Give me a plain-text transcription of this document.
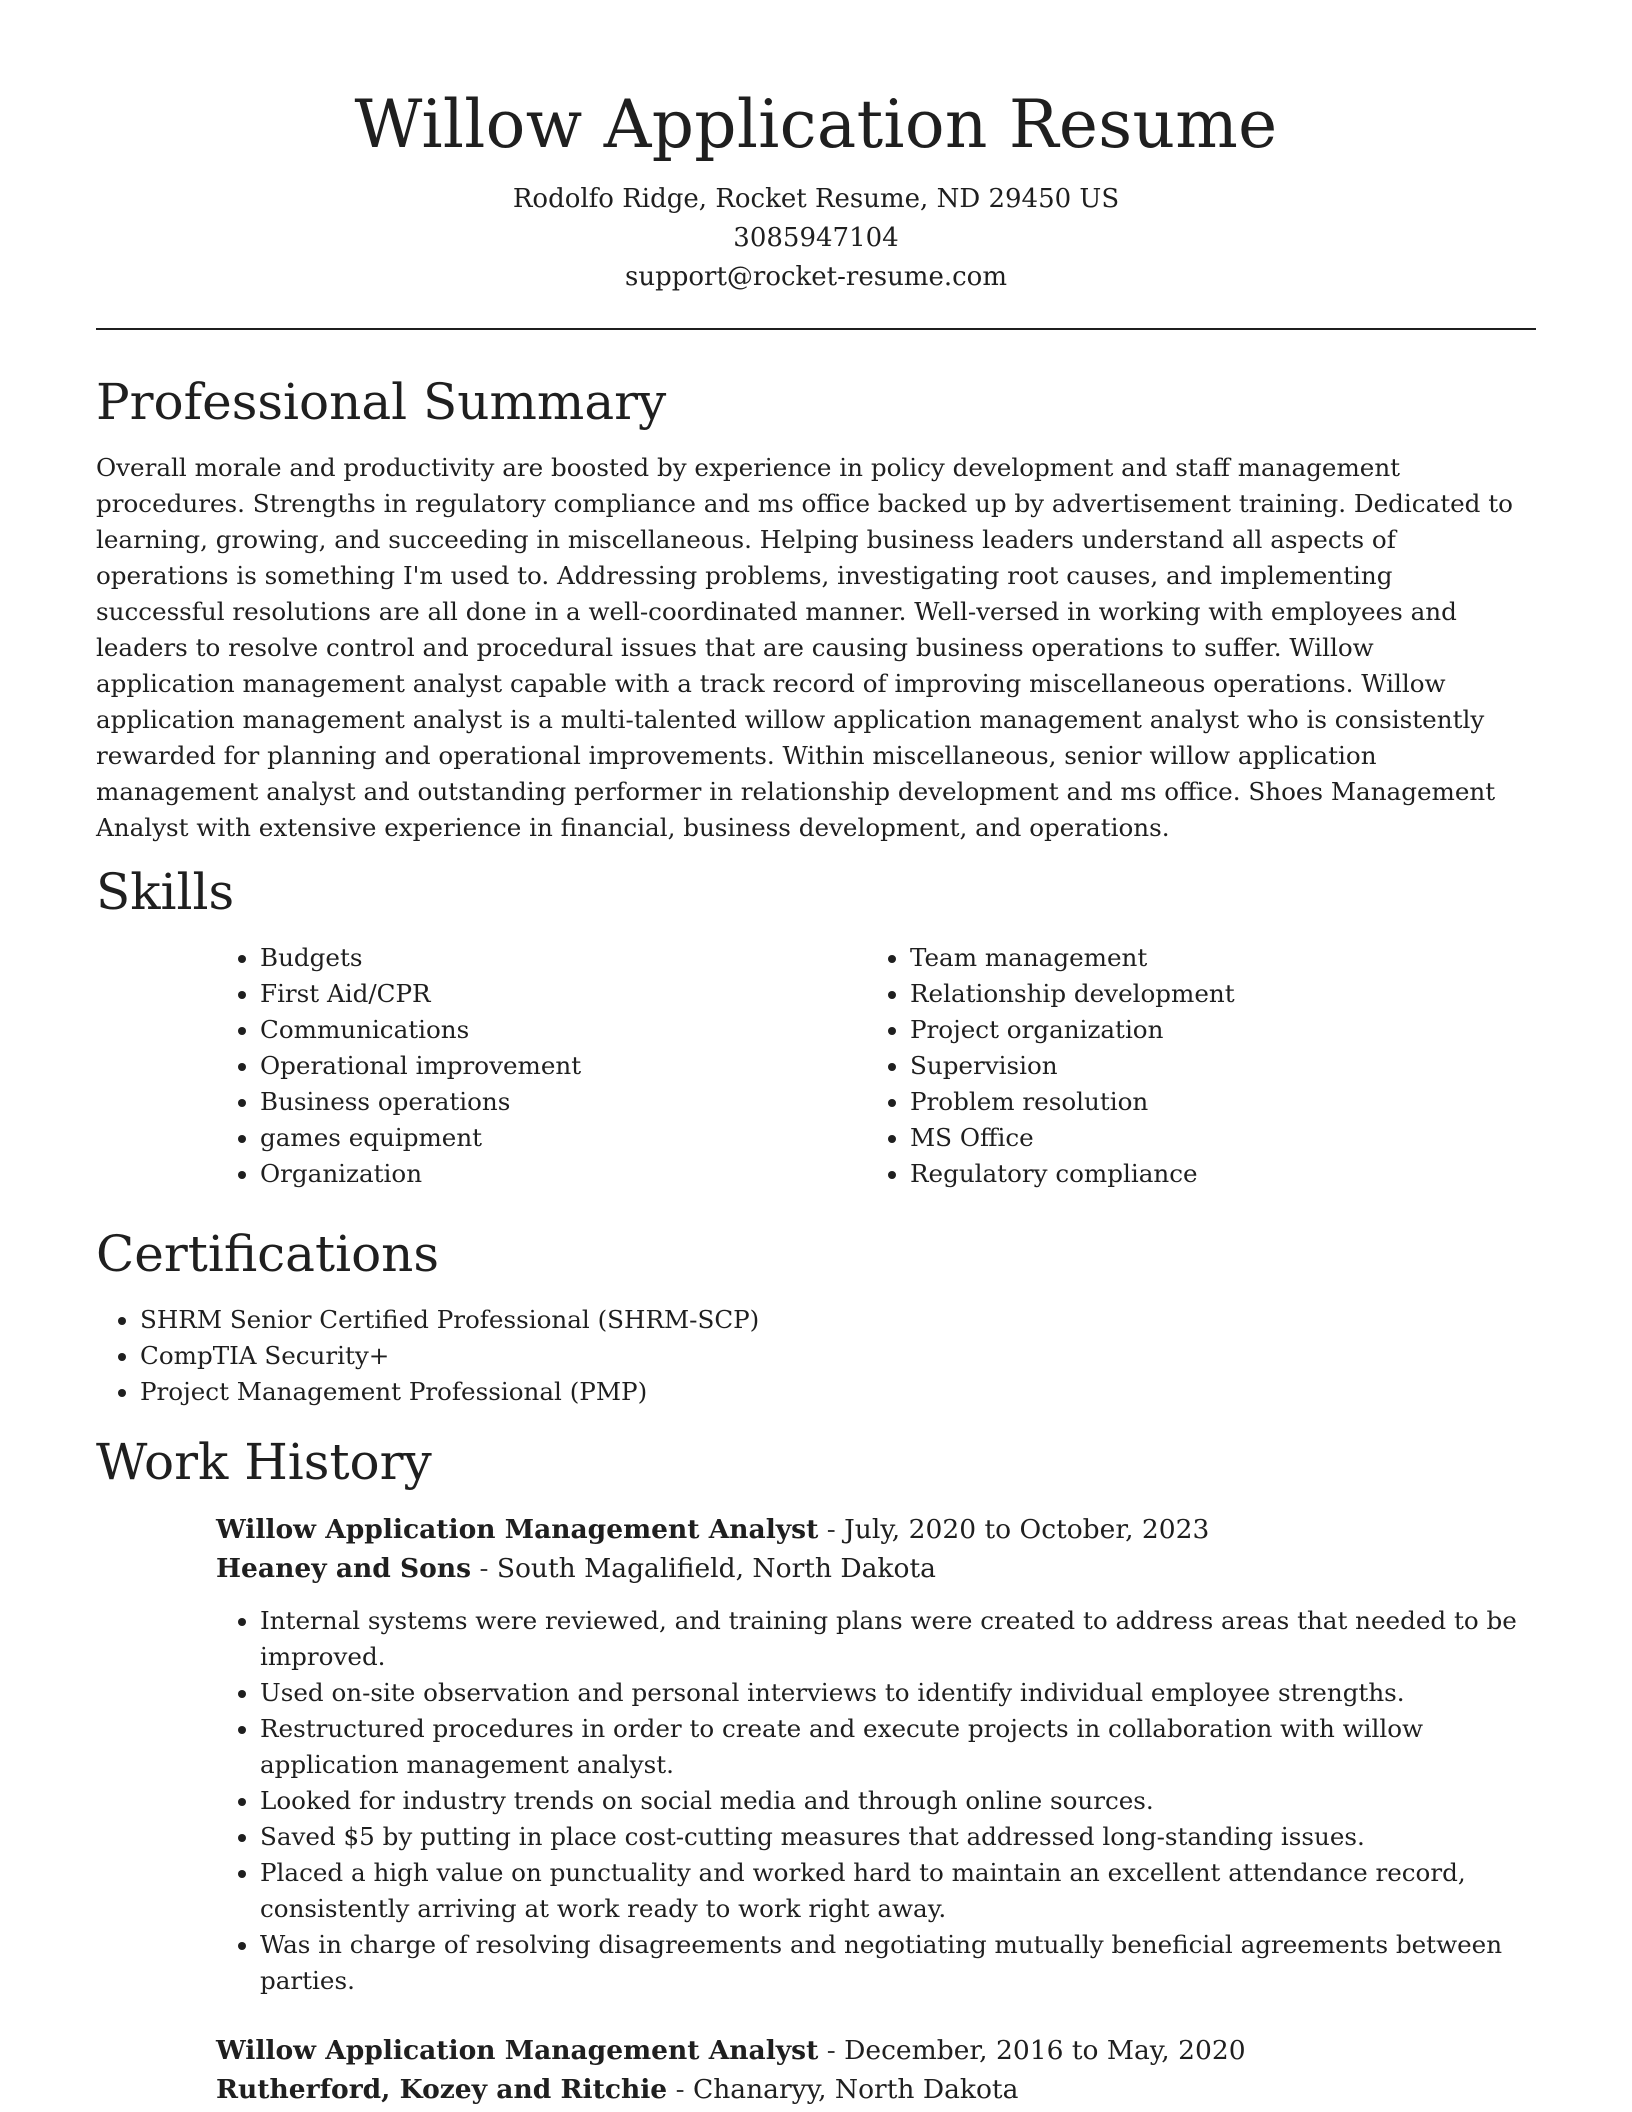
Willow Application Resume
Rodolfo Ridge, Rocket Resume, ND 29450 US
3085947104
support@rocket-resume.com
Professional Summary

Overall morale and productivity are boosted by experience in policy development and staff management procedures. Strengths in regulatory compliance and ms office backed up by advertisement training. Dedicated to learning, growing, and succeeding in miscellaneous. Helping business leaders understand all aspects of operations is something I'm used to. Addressing problems, investigating root causes, and implementing successful resolutions are all done in a well-coordinated manner. Well-versed in working with employees and leaders to resolve control and procedural issues that are causing business operations to suffer. Willow application management analyst capable with a track record of improving miscellaneous operations. Willow application management analyst is a multi-talented willow application management analyst who is consistently rewarded for planning and operational improvements. Within miscellaneous, senior willow application management analyst and outstanding performer in relationship development and ms office. Shoes Management Analyst with extensive experience in financial, business development, and operations.

Skills
• Budgets
• First Aid/CPR
• Communications
• Operational improvement
• Business operations
• games equipment
• Organization
• Team management
• Relationship development
• Project organization
• Supervision
• Problem resolution
• MS Office
• Regulatory compliance
Certifications
• SHRM Senior Certified Professional (SHRM-SCP)
• CompTIA Security+
• Project Management Professional (PMP)
Work History
Willow Application Management Analyst - July, 2020 to October, 2023
Heaney and Sons - South Magalifield, North Dakota
• Internal systems were reviewed, and training plans were created to address areas that needed to be improved.
• Used on-site observation and personal interviews to identify individual employee strengths.
• Restructured procedures in order to create and execute projects in collaboration with willow application management analyst.
• Looked for industry trends on social media and through online sources.
• Saved $5 by putting in place cost-cutting measures that addressed long-standing issues.
• Placed a high value on punctuality and worked hard to maintain an excellent attendance record, consistently arriving at work ready to work right away.
• Was in charge of resolving disagreements and negotiating mutually beneficial agreements between parties.
Willow Application Management Analyst - December, 2016 to May, 2020
Rutherford, Kozey and Ritchie - Chanaryy, North Dakota
